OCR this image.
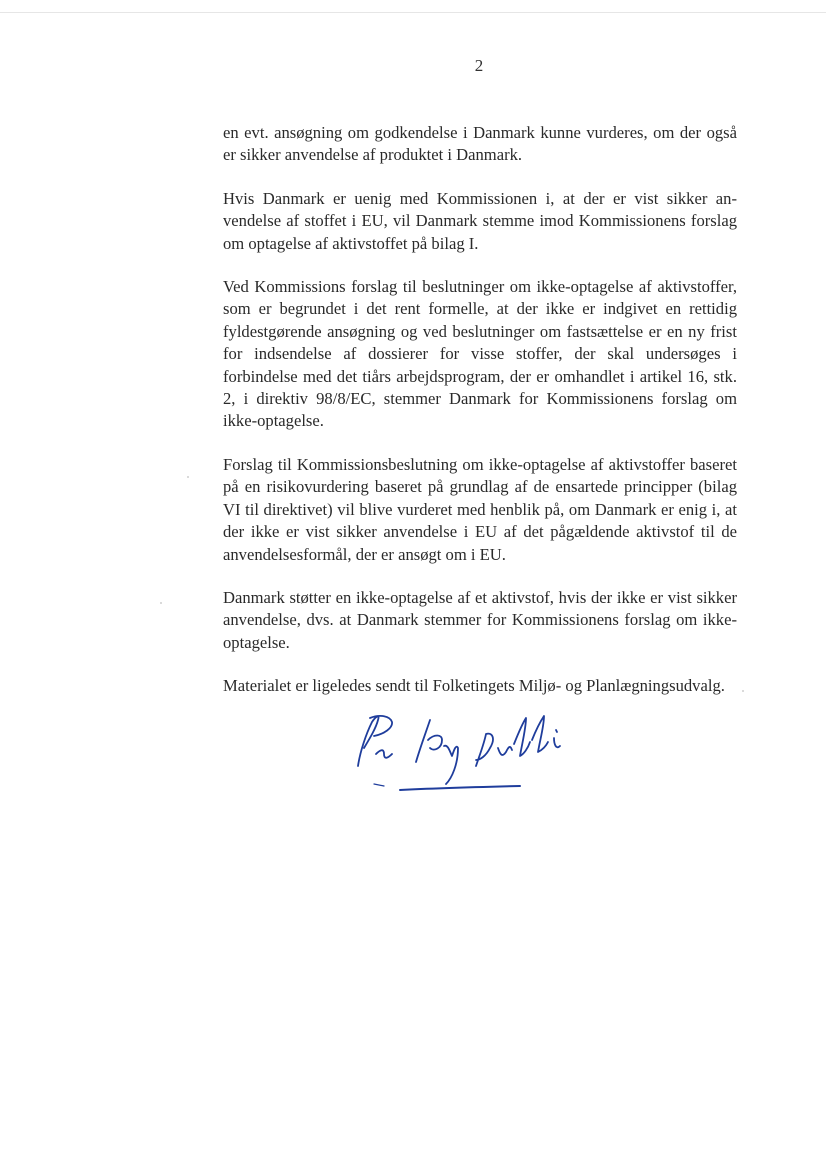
2

en evt. ansøgning om godkendelse i Danmark kunne vurderes, om der også er sikker anvendelse af produktet i Danmark.

Hvis Danmark er uenig med Kommissionen i, at der er vist sikker anvendelse af stoffet i EU, vil Danmark stemme imod Kommissionens forslag om optagelse af aktivstoffet på bilag I.

Ved Kommissions forslag til beslutninger om ikke-optagelse af aktivstoffer, som er begrundet i det rent formelle, at der ikke er indgivet en rettidig fyldestgørende ansøgning og ved beslutninger om fastsættelse er en ny frist for indsendelse af dossierer for visse stoffer, der skal undersøges i forbindelse med det tiårs arbejdsprogram, der er omhandlet i artikel 16, stk. 2, i direktiv 98/8/EC, stemmer Danmark for Kommissionens forslag om ikke-optagelse.

Forslag til Kommissionsbeslutning om ikke-optagelse af aktivstoffer baseret på en risikovurdering baseret på grundlag af de ensartede principper (bilag VI til direktivet) vil blive vurderet med henblik på, om Danmark er enig i, at der ikke er vist sikker anvendelse i EU af det pågældende aktivstof til de anvendelsesformål, der er ansøgt om i EU.

Danmark støtter en ikke-optagelse af et aktivstof, hvis der ikke er vist sikker anvendelse, dvs. at Danmark stemmer for Kommissionens forslag om ikke-optagelse.

Materialet er ligeledes sendt til Folketingets Miljø- og Planlægningsudvalg.
